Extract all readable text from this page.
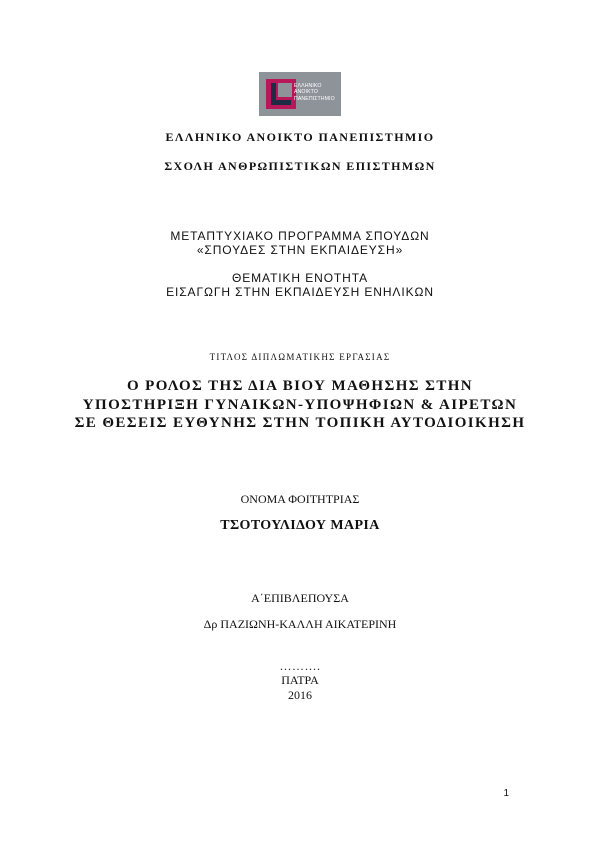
ΕΛΛΗΝΙΚΟ
ΑΝΟΙΚΤΟ
ΠΑΝΕΠΙΣΤΗΜΙΟ
ΕΛΛΗΝΙΚΟ ΑΝΟΙΚΤΟ ΠΑΝΕΠΙΣΤΗΜΙΟ
ΣΧΟΛΗ ΑΝΘΡΩΠΙΣΤΙΚΩΝ ΕΠΙΣΤΗΜΩΝ
ΜΕΤΑΠΤΥΧΙΑΚΟ ΠΡΟΓΡΑΜΜΑ ΣΠΟΥΔΩΝ
«ΣΠΟΥΔΕΣ ΣΤΗΝ ΕΚΠΑΙΔΕΥΣΗ»
ΘΕΜΑΤΙΚΗ ΕΝΟΤΗΤΑ
ΕΙΣΑΓΩΓΗ ΣΤΗΝ ΕΚΠΑΙΔΕΥΣΗ ΕΝΗΛΙΚΩΝ
ΤΙΤΛΟΣ ΔΙΠΛΩΜΑΤΙΚΗΣ ΕΡΓΑΣΙΑΣ
Ο ΡΟΛΟΣ ΤΗΣ ΔΙΑ ΒΙΟΥ ΜΑΘΗΣΗΣ ΣΤΗΝ
ΥΠΟΣΤΗΡΙΞΗ ΓΥΝΑΙΚΩΝ-ΥΠΟΨΗΦΙΩΝ & ΑΙΡΕΤΩΝ
ΣΕ ΘΕΣΕΙΣ ΕΥΘΥΝΗΣ ΣΤΗΝ ΤΟΠΙΚΗ ΑΥΤΟΔΙΟΙΚΗΣΗ
ΟΝΟΜΑ ΦΟΙΤΗΤΡΙΑΣ
ΤΣΟΤΟΥΛΙΔΟΥ ΜΑΡΙΑ
Α΄ΕΠΙΒΛΕΠΟΥΣΑ
Δρ ΠΑΖΙΩΝΗ-ΚΑΛΛΗ ΑΙΚΑΤΕΡΙΝΗ
……….
ΠΑΤΡΑ
2016
1
